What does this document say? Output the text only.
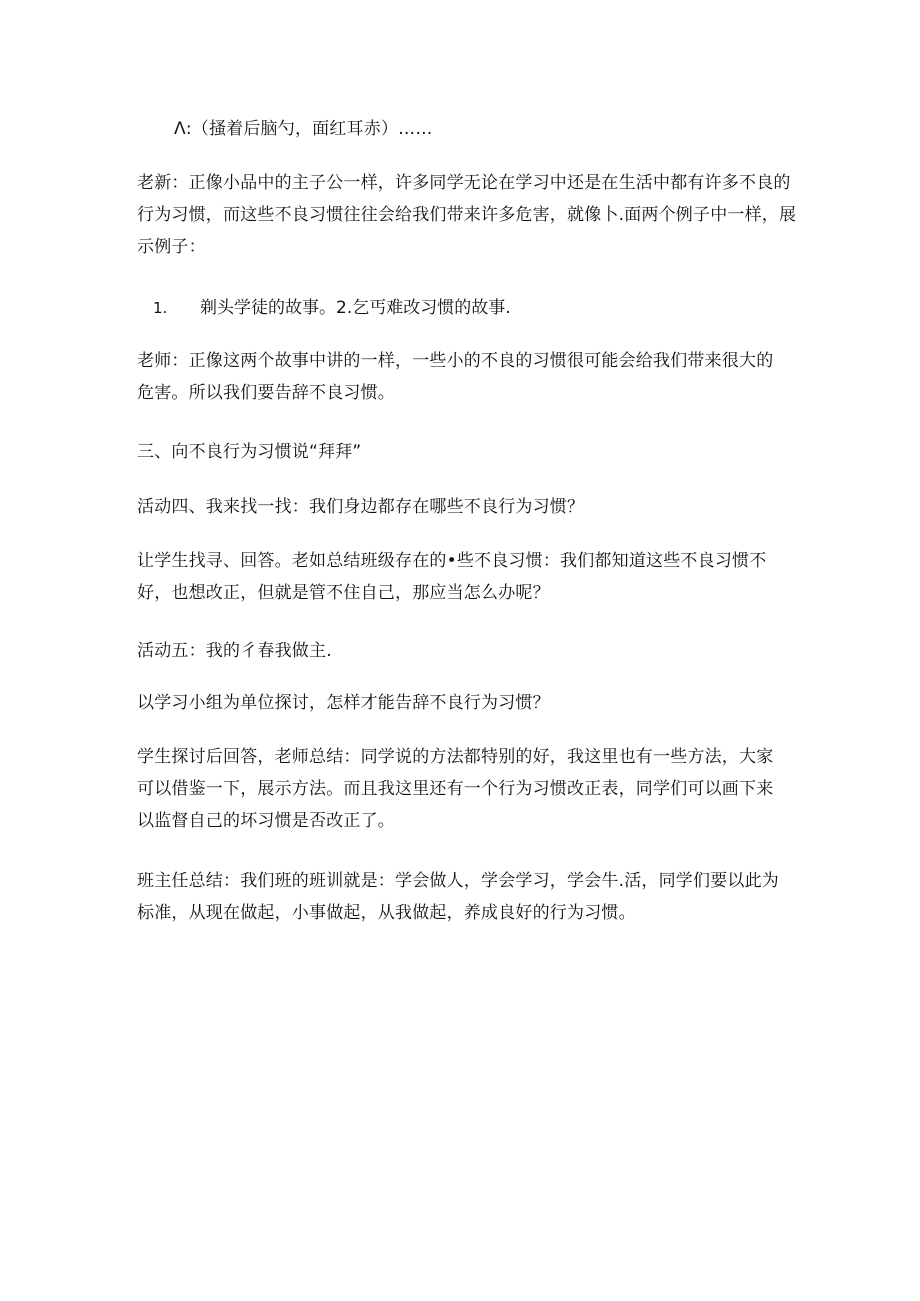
Λ:（搔着后脑勺，面红耳赤）……
老新：正像小品中的主子公一样，许多同学无论在学习中还是在生活中都有许多不良的
行为习惯，而这些不良习惯往往会给我们带来许多危害，就像卜.面两个例子中一样，展
示例子：
1. 剃头学徒的故事。2.乞丐难改习惯的故事.
老师：正像这两个故事中讲的一样，一些小的不良的习惯很可能会给我们带来很大的
危害。所以我们要告辞不良习惯。
三、向不良行为习惯说“拜拜”
活动四、我来找一找：我们身边都存在哪些不良行为习惯？
让学生找寻、回答。老如总结班级存在的•些不良习惯：我们都知道这些不良习惯不
好，也想改正，但就是管不住自己，那应当怎么办呢？
活动五：我的彳春我做主.
以学习小组为单位探讨，怎样才能告辞不良行为习惯？
学生探讨后回答，老师总结：同学说的方法都特别的好，我这里也有一些方法，大家
可以借鉴一下，展示方法。而且我这里还有一个行为习惯改正表，同学们可以画下来
以监督自己的坏习惯是否改正了。
班主任总结：我们班的班训就是：学会做人，学会学习，学会牛.活，同学们要以此为
标准，从现在做起，小事做起，从我做起，养成良好的行为习惯。
